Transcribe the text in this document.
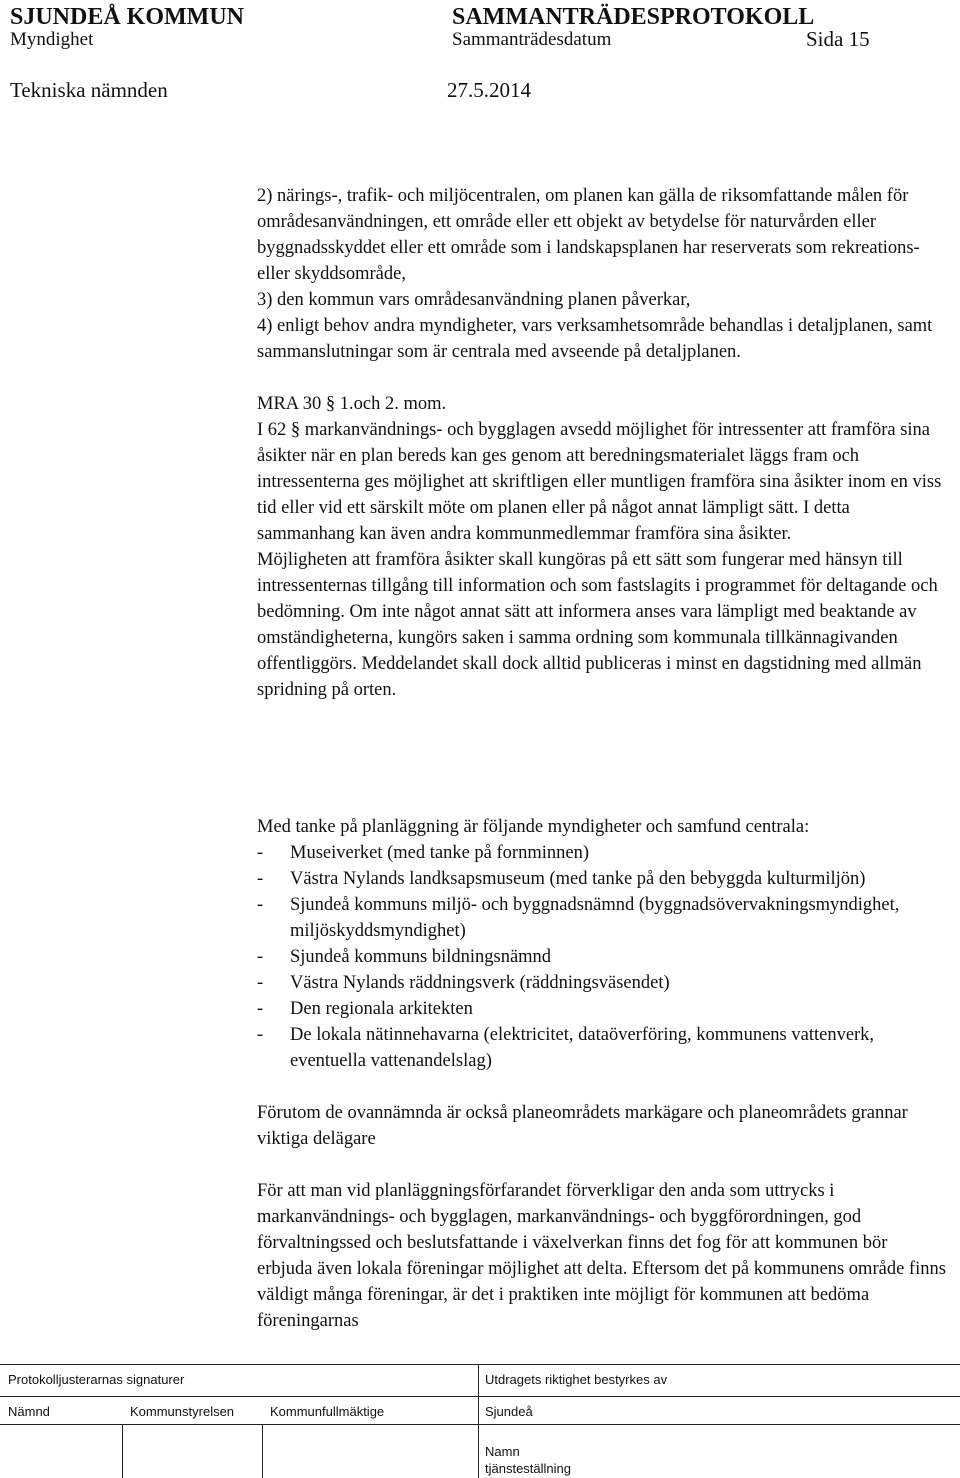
SJUNDEÅ KOMMUN	SAMMANTRÄDESPROTOKOLL
Myndighet	Sammanträdesdatum	Sida 15
Tekniska nämnden	27.5.2014

2) närings-, trafik- och miljöcentralen, om planen kan gälla de riksomfattande målen för områdesanvändningen, ett område eller ett objekt av betydelse för naturvården eller byggnadsskyddet eller ett område som i landskapsplanen har reserverats som rekreations- eller skyddsområde,

3) den kommun vars områdesanvändning planen påverkar,

4) enligt behov andra myndigheter, vars verksamhetsområde behandlas i detaljplanen, samt sammanslutningar som är centrala med avseende på detaljplanen.

MRA 30 § 1.och 2. mom.

I 62 § markanvändnings- och bygglagen avsedd möjlighet för intressenter att framföra sina åsikter när en plan bereds kan ges genom att beredningsmaterialet läggs fram och intressenterna ges möjlighet att skriftligen eller muntligen framföra sina åsikter inom en viss tid eller vid ett särskilt möte om planen eller på något annat lämpligt sätt. I detta sammanhang kan även andra kommunmedlemmar framföra sina åsikter.

Möjligheten att framföra åsikter skall kungöras på ett sätt som fungerar med hänsyn till intressenternas tillgång till information och som fastslagits i programmet för deltagande och bedömning. Om inte något annat sätt att informera anses vara lämpligt med beaktande av omständigheterna, kungörs saken i samma ordning som kommunala tillkännagivanden offentliggörs. Meddelandet skall dock alltid publiceras i minst en dagstidning med allmän spridning på orten.

Med tanke på planläggning är följande myndigheter och samfund centrala:

- Museiverket (med tanke på fornminnen)
- Västra Nylands landksapsmuseum (med tanke på den bebyggda kulturmiljön)
- Sjundeå kommuns miljö- och byggnadsnämnd (byggnadsövervakningsmyndighet, miljöskyddsmyndighet)
- Sjundeå kommuns bildningsnämnd
- Västra Nylands räddningsverk (räddningsväsendet)
- Den regionala arkitekten
- De lokala nätinnehavarna (elektricitet, dataöverföring, kommunens vattenverk, eventuella vattenandelslag)

Förutom de ovannämnda är också planeområdets markägare och planeområdets grannar viktiga delägare

För att man vid planläggningsförfarandet förverkligar den anda som uttrycks i markanvändnings- och bygglagen, markanvändnings- och byggförordningen, god förvaltningssed och beslutsfattande i växelverkan finns det fog för att kommunen bör erbjuda även lokala föreningar möjlighet att delta. Eftersom det på kommunens område finns väldigt många föreningar, är det i praktiken inte möjligt för kommunen att bedöma föreningarnas

Protokolljusterarnas signaturer	Utdragets riktighet bestyrkes av
Nämnd	Kommunstyrelsen	Kommunfullmäktige	Sjundeå
Namn
tjänsteställning
